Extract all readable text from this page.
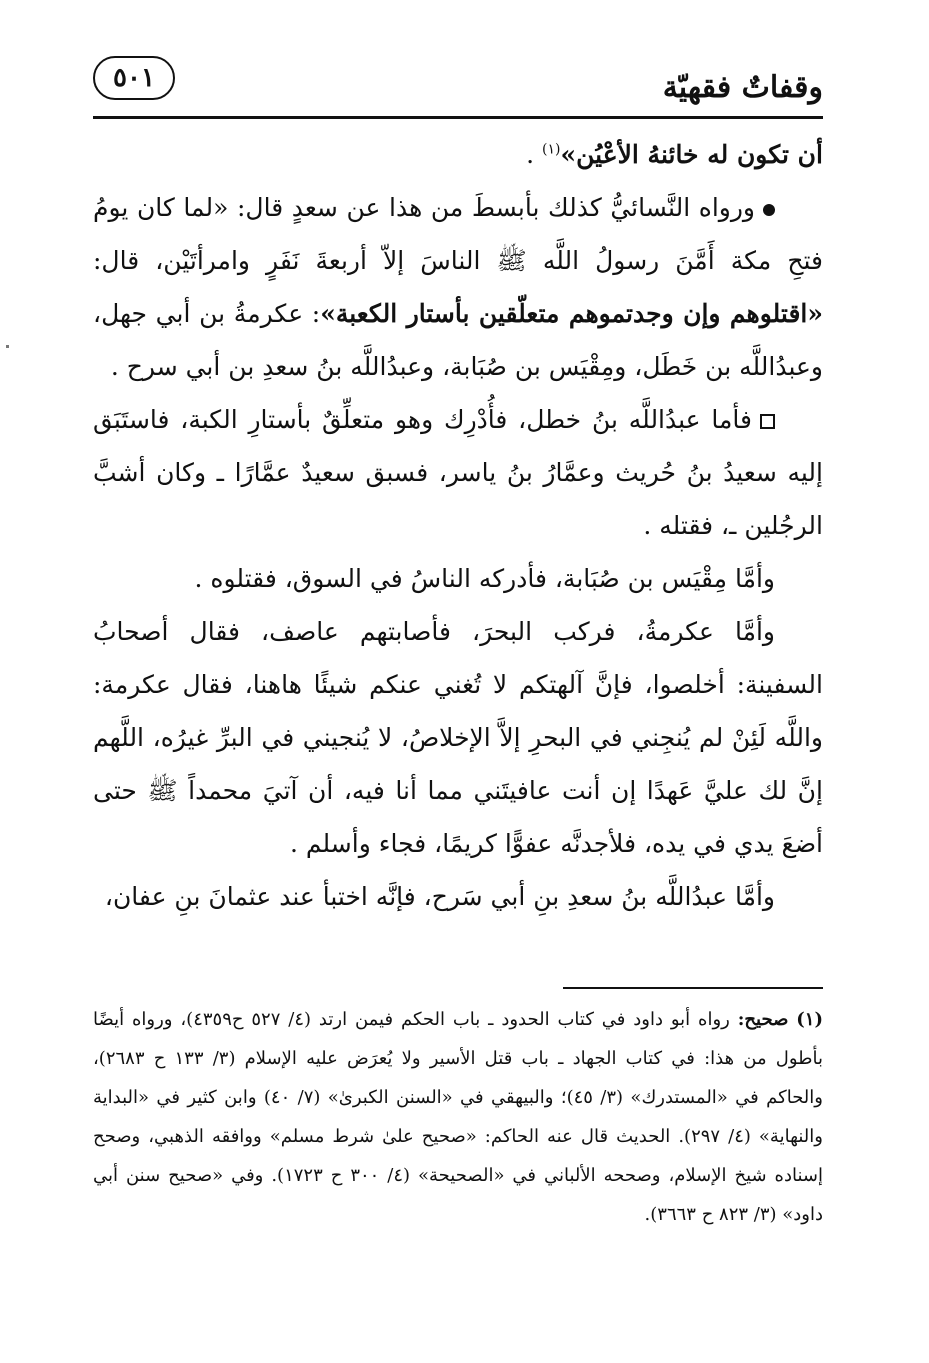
٥٠١	وقفاتٌ فقهيّة

أن تكون له خائنهُ الأعْيُن»$^{(١)}$ .

ورواه النَّسائيُّ كذلك بأبسطَ من هذا عن سعدٍ قال: «لما كان يومُ فتحِ مكة أَمَّنَ رسولُ اللَّه ﷺ الناسَ إلاّ أربعةَ نَفَرٍ وامرأتَيْن، قال: «اقتلوهم وإن وجدتموهم متعلّقين بأستار الكعبة»: عكرمةُ بن أبي جهل، وعبدُاللَّه بن خَطَل، ومِقْيَس بن صُبَابة، وعبدُاللَّه بنُ سعدِ بن أبي سرح .

فأما عبدُاللَّه بنُ خطل، فأُدْرِك وهو متعلِّقٌ بأستارِ الكبة، فاستَبَق إليه سعيدُ بنُ حُريث وعمَّارُ بنُ ياسر، فسبق سعيدٌ عمَّارًا ـ وكان أشبَّ الرجُلين ـ، فقتله .

وأمَّا مِقْيَس بن صُبَابة، فأدركه الناسُ في السوق، فقتلوه .

وأمَّا عكرمةُ، فركب البحرَ، فأصابتهم عاصف، فقال أصحابُ السفينة: أخلصوا، فإنَّ آلهتكم لا تُغني عنكم شيئًا هاهنا، فقال عكرمة: واللَّه لَئِنْ لم يُنجِني في البحرِ إلاَّ الإخلاصُ، لا يُنجيني في البرِّ غيرُه، اللَّهم إنَّ لك عليَّ عَهدًا إن أنت عافيتَني مما أنا فيه، أن آتيَ محمداً ﷺ حتى أضعَ يدي في يده، فلأجدنَّه عفوًّا كريمًا، فجاء وأسلم .

وأمَّا عبدُاللَّه بنُ سعدِ بنِ أبي سَرح، فإنَّه اختبأ عند عثمانَ بنِ عفان،

(١) صحيح: رواه أبو داود في كتاب الحدود ـ باب الحكم فيمن ارتد (٤/ ٥٢٧ ح٤٣٥٩)، ورواه أيضًا بأطول من هذا: في كتاب الجهاد ـ باب قتل الأسير ولا يُعرَض عليه الإسلام (٣/ ١٣٣ ح ٢٦٨٣)، والحاكم في «المستدرك» (٣/ ٤٥)؛ والبيهقي في «السنن الكبرىٰ» (٧/ ٤٠) وابن كثير في «البداية والنهاية» (٤/ ٢٩٧). الحديث قال عنه الحاكم: «صحيح علىٰ شرط مسلم» ووافقه الذهبي، وصحح إسناده شيخ الإسلام، وصححه الألباني في «الصحيحة» (٤/ ٣٠٠ ح ١٧٢٣). وفي «صحيح سنن أبي داود» (٣/ ٨٢٣ ح ٣٦٦٣).
